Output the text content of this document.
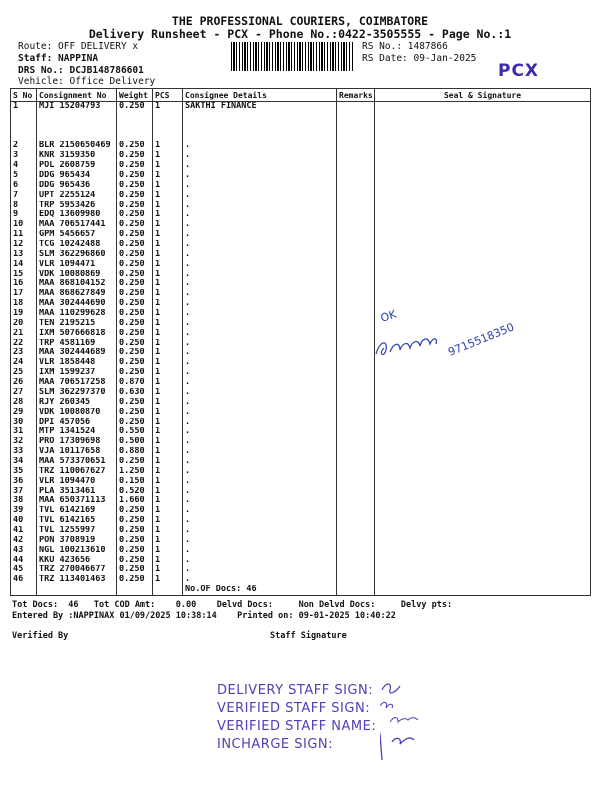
THE PROFESSIONAL COURIERS, COIMBATORE
Delivery Runsheet - PCX - Phone No.:0422-3505555 - Page No.:1
Route: OFF DELIVERY x
Staff: NAPPINA
DRS No.: DCJB148786601
Vehicle: Office Delivery
RS No.: 1487866
RS Date: 09-Jan-2025
PCX
S No	Consignment No	Weight	PCS	Consignee Details	Remarks	Seal & Signature
1	MJI 15204793	0.250	1	SAKTHI FINANCE		

2	BLR 2150650469	0.250	1	.		
3	KNR 3159350	0.250	1	.		
4	POL 2608759	0.250	1	.		
5	DDG 965434	0.250	1	.		
6	DDG 965436	0.250	1	.		
7	UPT 2255124	0.250	1	.		
8	TRP 5953426	0.250	1	.		
9	EDQ 13609980	0.250	1	.		
10	MAA 706517441	0.250	1	.		
11	GPM 5456657	0.250	1	.		
12	TCG 10242488	0.250	1	.		
13	SLM 362296860	0.250	1	.		
14	VLR 1094471	0.250	1	.		
15	VDK 10080869	0.250	1	.		
16	MAA 868104152	0.250	1	.		
17	MAA 868627849	0.250	1	.		
18	MAA 302444690	0.250	1	.		
19	MAA 110299628	0.250	1	.		
20	TEN 2195215	0.250	1	.		
21	IXM 507666818	0.250	1	.		
22	TRP 4581169	0.250	1	.		
23	MAA 302444689	0.250	1	.		
24	VLR 1858448	0.250	1	.		
25	IXM 1599237	0.250	1	.		
26	MAA 706517258	0.870	1	.		
27	SLM 362297370	0.630	1	.		
28	RJY 260345	0.250	1	.		
29	VDK 10080870	0.250	1	.		
30	DPI 457056	0.250	1	.		
31	MTP 1341524	0.550	1	.		
32	PRO 17309698	0.500	1	.		
33	VJA 10117658	0.880	1	.		
34	MAA 573370651	0.250	1	.		
35	TRZ 110067627	1.250	1	.		
36	VLR 1094470	0.150	1	.		
37	PLA 3513461	0.520	1	.		
38	MAA 650371113	1.660	1	.		
39	TVL 6142169	0.250	1	.		
40	TVL 6142165	0.250	1	.		
41	TVL 1255997	0.250	1	.		
42	PON 3708919	0.250	1	.		
43	NGL 100213610	0.250	1	.		
44	KKU 423656	0.250	1	.		
45	TRZ 270046677	0.250	1	.		
46	TRZ 113401463	0.250	1	.		
				No.OF Docs: 46		
OK
9715518350
Tot Docs:  46   Tot COD Amt:    0.00    Delvd Docs:     Non Delvd Docs:     Delvy pts:
Entered By :NAPPINAX 01/09/2025 10:38:14    Printed on: 09-01-2025 10:40:22
Verified By	Staff Signature
DELIVERY STAFF SIGN:
VERIFIED STAFF SIGN:
VERIFIED STAFF NAME:
INCHARGE SIGN:
